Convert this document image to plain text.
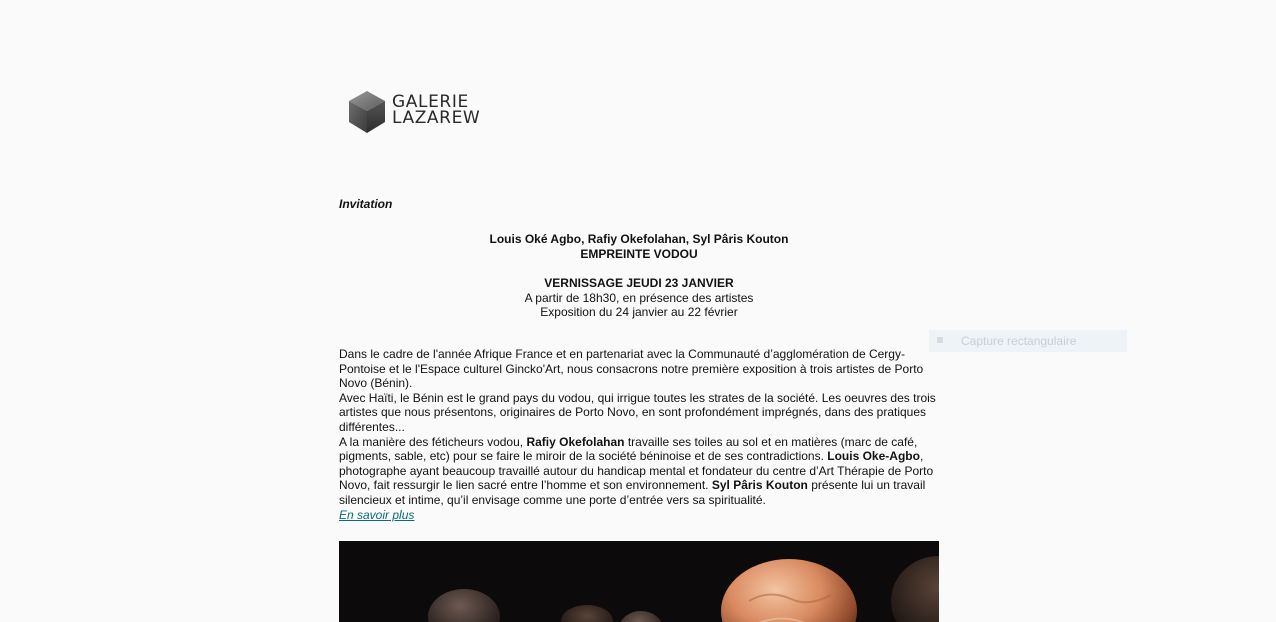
GALERIE
LAZAREW
Invitation
Louis Oké Agbo, Rafiy Okefolahan, Syl Pâris Kouton
EMPREINTE VODOU
VERNISSAGE JEUDI 23 JANVIER
A partir de 18h30, en présence des artistes
Exposition du 24 janvier au 22 février

Dans le cadre de l'année Afrique France et en partenariat avec la Communauté d’agglomération de Cergy-Pontoise et le l'Espace culturel Gincko'Art, nous consacrons notre première exposition à trois artistes de Porto Novo (Bénin).

Avec Haïti, le Bénin est le grand pays du vodou, qui irrigue toutes les strates de la société. Les oeuvres des trois artistes que nous présentons, originaires de Porto Novo, en sont profondément imprégnés, dans des pratiques différentes...

A la manière des féticheurs vodou, Rafiy Okefolahan travaille ses toiles au sol et en matières (marc de café, pigments, sable, etc) pour se faire le miroir de la société béninoise et de ses contradictions. Louis Oke-Agbo, photographe ayant beaucoup travaillé autour du handicap mental et fondateur du centre d’Art Thérapie de Porto Novo, fait ressurgir le lien sacré entre l’homme et son environnement. Syl Pâris Kouton présente lui un travail silencieux et intime, qu’il envisage comme une porte d’entrée vers sa spiritualité.

En savoir plus
Capture rectangulaire
